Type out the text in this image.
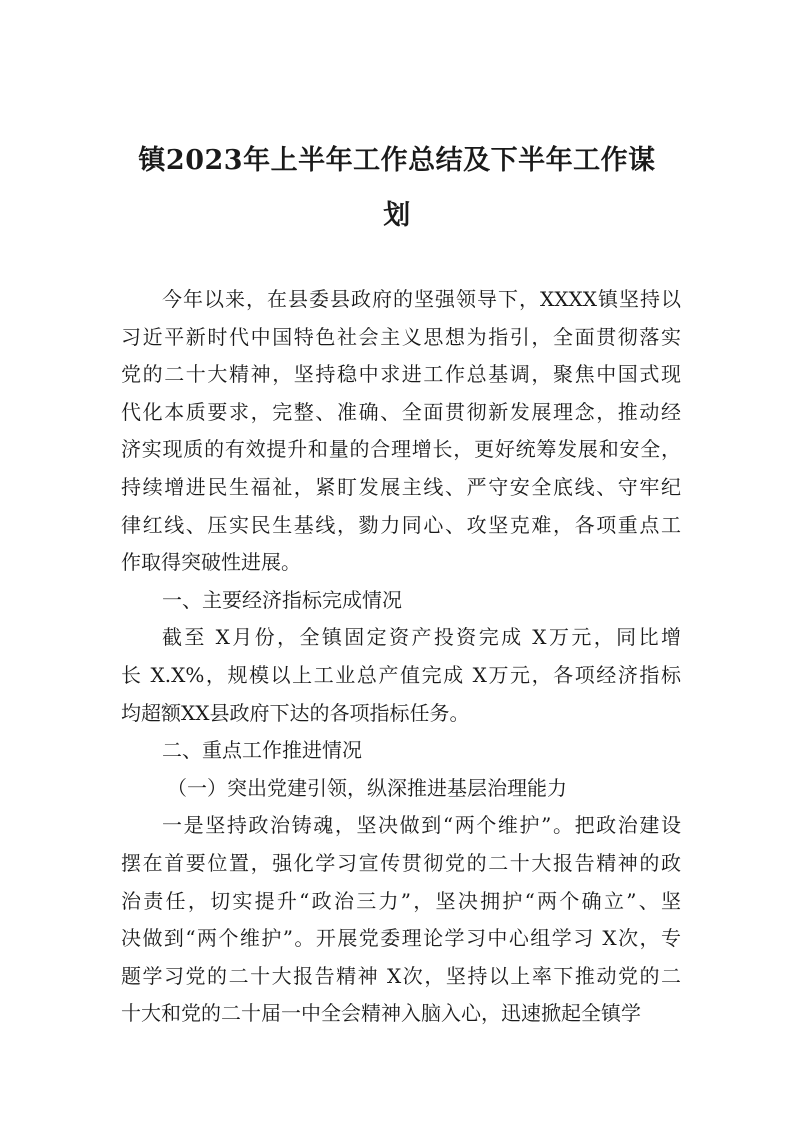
镇2023年上半年工作总结及下半年工作谋
划
今年以来，在县委县政府的坚强领导下，XXXX镇坚持以
习近平新时代中国特色社会主义思想为指引，全面贯彻落实
党的二十大精神，坚持稳中求进工作总基调，聚焦中国式现
代化本质要求，完整、准确、全面贯彻新发展理念，推动经
济实现质的有效提升和量的合理增长，更好统筹发展和安全，
持续增进民生福祉，紧盯发展主线、严守安全底线、守牢纪
律红线、压实民生基线，勠力同心、攻坚克难，各项重点工
作取得突破性进展。
一、主要经济指标完成情况
截至 X月份，全镇固定资产投资完成 X万元，同比增
长 X.X%，规模以上工业总产值完成 X万元，各项经济指标
均超额XX县政府下达的各项指标任务。
二、重点工作推进情况
（一）突出党建引领，纵深推进基层治理能力
一是坚持政治铸魂，坚决做到“两个维护”。把政治建设
摆在首要位置，强化学习宣传贯彻党的二十大报告精神的政
治责任，切实提升“政治三力”，坚决拥护“两个确立”、坚
决做到“两个维护”。开展党委理论学习中心组学习 X次，专
题学习党的二十大报告精神 X次，坚持以上率下推动党的二
十大和党的二十届一中全会精神入脑入心，迅速掀起全镇学
